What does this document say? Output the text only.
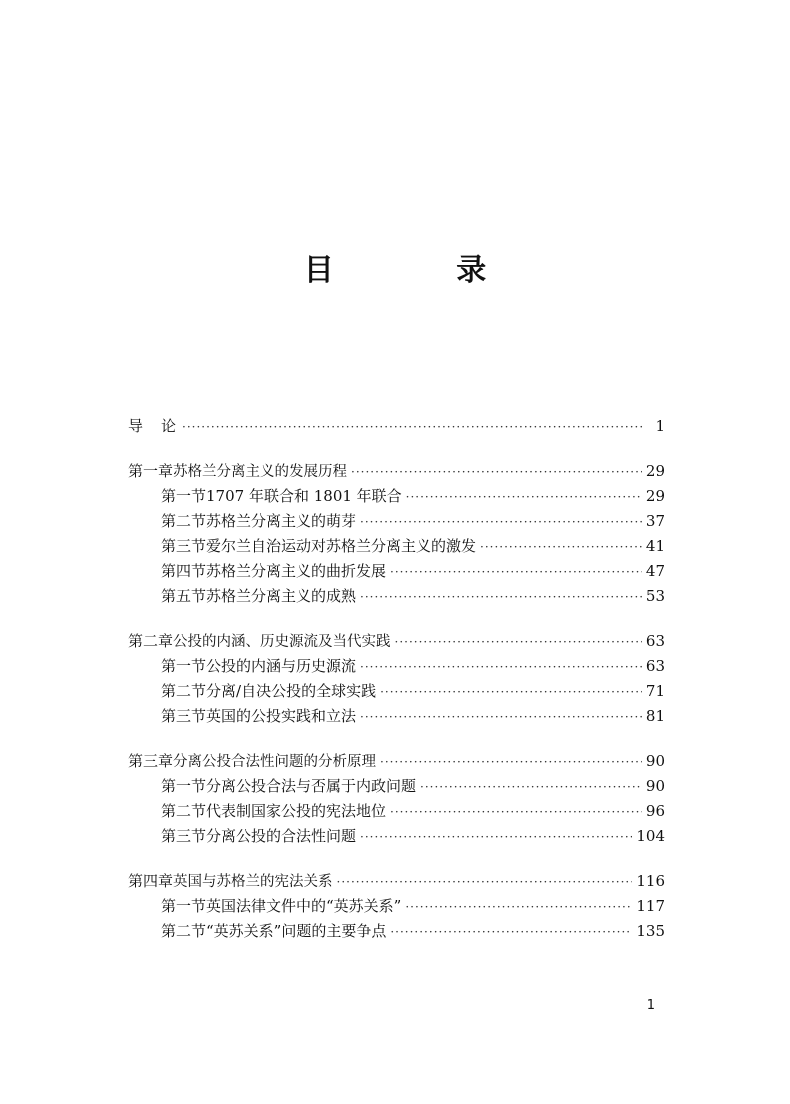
目 录
导论 ·····	1
第一章 苏格兰分离主义的发展历程 ·····	29
第一节 1707 年联合和 1801 年联合 ·····	29
第二节 苏格兰分离主义的萌芽 ·····	37
第三节 爱尔兰自治运动对苏格兰分离主义的激发 ·····	41
第四节 苏格兰分离主义的曲折发展 ·····	47
第五节 苏格兰分离主义的成熟 ·····	53
第二章 公投的内涵、历史源流及当代实践 ·····	63
第一节 公投的内涵与历史源流 ·····	63
第二节 分离/自决公投的全球实践 ·····	71
第三节 英国的公投实践和立法 ·····	81
第三章 分离公投合法性问题的分析原理 ·····	90
第一节 分离公投合法与否属于内政问题 ·····	90
第二节 代表制国家公投的宪法地位 ·····	96
第三节 分离公投的合法性问题 ·····	104
第四章 英国与苏格兰的宪法关系 ·····	116
第一节 英国法律文件中的“英苏关系” ·····	117
第二节 “英苏关系”问题的主要争点 ·····	135
1
